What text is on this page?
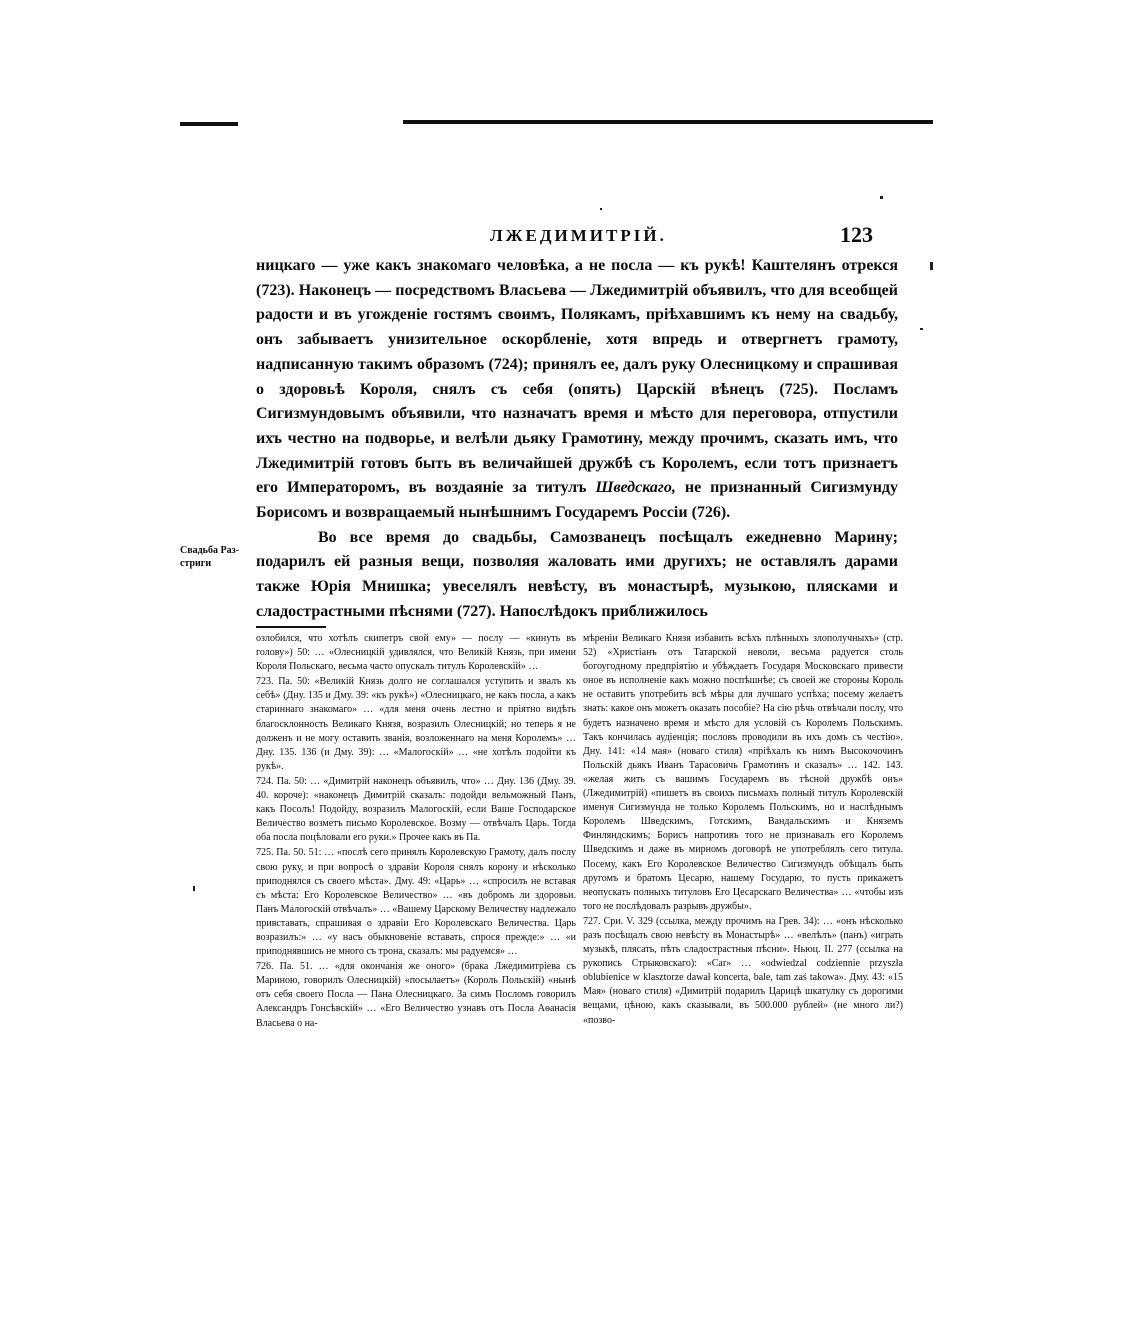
ЛЖЕДИМИТРІЙ.	123

ницкаго — уже какъ знакомаго человѣка, а не посла — къ рукѣ! Каштелянъ отрекся (723). Наконецъ — посредствомъ Власьева — Лжедимитрій объявилъ, что для всеобщей радости и въ угожденіе гостямъ своимъ, Полякамъ, пріѣхавшимъ къ нему на свадьбу, онъ забываетъ унизительное оскорбленіе, хотя впредь и отвергнетъ грамоту, надписанную такимъ образомъ (724); принялъ ее, далъ руку Олесницкому и спрашивая о здоровьѣ Короля, снялъ съ себя (опять) Царскій вѣнецъ (725). Посламъ Сигизмундовымъ объявили, что назначатъ время и мѣсто для переговора, отпустили ихъ честно на подворье, и велѣли дьяку Грамотину, между прочимъ, сказать имъ, что Лжедимитрій готовъ быть въ величайшей дружбѣ съ Королемъ, если тотъ признаетъ его Императоромъ, въ воздаяніе за титулъ Шведскаго, не признанный Сигизмунду Борисомъ и возвращаемый нынѣшнимъ Государемъ Россіи (726).

Во все время до свадьбы, Самозванецъ посѣщалъ ежедневно Марину; подарилъ ей разныя вещи, позволяя жаловать ими другихъ; не оставлялъ дарами также Юрія Мнишка; увеселялъ невѣсту, въ монастырѣ, музыкою, плясками и сладострастными пѣснями (727). Напослѣдокъ приближилось

Свадьба Раз-стриги

озлобился, что хотѣлъ скипетръ свой ему» — послу — «кинуть въ голову») 50: … «Олесницкій удивлялся, что Великій Князь, при имени Короля Польскаго, весьма часто опускалъ титулъ Королевскій» …

723. Па. 50: «Великій Князь долго не соглашался уступить и звалъ къ себѣ» (Дну. 135 и Дму. 39: «къ рукѣ») «Олесницкаго, не какъ посла, а какъ стариннаго знакомаго» … «для меня очень лестно и пріятно видѣть благосклонность Великаго Князя, возразилъ Олесницкій; но теперь я не долженъ и не могу оставить званія, возложеннаго на меня Королемъ» … Дну. 135. 136 (и Дму. 39): … «Малогоскій» … «не хотѣлъ подойти къ рукѣ».

724. Па. 50: … «Димитрій наконецъ объявилъ, что» … Дну. 136 (Дму. 39. 40. короче): «наконецъ Димитрій сказалъ: подойди вельможный Панъ, какъ Посолъ! Подойду, возразилъ Малогоскій, если Ваше Господарское Величество возметъ письмо Королевское. Возму — отвѣчалъ Царь. Тогда оба посла поцѣловали его руки.» Прочее какъ въ Па.

725. Па. 50. 51: … «послѣ сего принялъ Королевскую Грамоту, далъ послу свою руку, и при вопросѣ о здравіи Короля снялъ корону и нѣсколько приподнялся съ своего мѣста». Дму. 49: «Царь» … «спросилъ не вставая съ мѣста: Его Королевское Величество» … «въ добромъ ли здоровьи. Панъ Малогоскій отвѣчалъ» … «Вашему Царскому Величеству надлежало привставать, спрашивая о здравіи Его Королевскаго Величества. Царь возразилъ:» … «у насъ обыкновеніе вставать, спрося прежде:» … «и приподнявшись не много съ трона, сказалъ: мы радуемся» …

726. Па. 51. … «для окончанія же оного» (брака Лжедимитріева съ Мариною, говорилъ Олесницкій) «посылаетъ» (Король Польскій) «нынѣ отъ себя своего Посла — Пана Олесницкаго. За симъ Посломъ говорилъ Александръ Гонсѣвскій» … «Его Величество узнавъ отъ Посла Аѳанасія Власьева о на-

мѣреніи Великаго Князя избавить всѣхъ плѣнныхъ злополучныхъ» (стр. 52) «Христіанъ отъ Татарской неволи, весьма радуется столь богоугодному предпріятію и убѣждаетъ Государя Московскаго привести оное въ исполненіе какъ можно поспѣшнѣе; съ своей же стороны Король не оставитъ употребить всѣ мѣры для лучшаго успѣха; посему желаетъ знать: какое онъ можетъ оказать пособіе? На сію рѣчь отвѣчали послу, что будетъ назначено время и мѣсто для условій съ Королемъ Польскимъ. Такъ кончилась аудіенція; пословъ проводили въ ихъ домъ съ честію». Дну. 141: «14 мая» (новаго стиля) «пріѣхалъ къ нимъ Высокочочинъ Польскій дьякъ Иванъ Тарасовичь Грамотинъ и сказалъ» … 142. 143. «желая жить съ вашимъ Государемъ въ тѣсной дружбѣ онъ» (Лжедимитрій) «пишетъ въ своихъ письмахъ полный титулъ Королевскій именуя Сигизмунда не только Королемъ Польскимъ, но и наслѣднымъ Королемъ Шведскимъ, Готскимъ, Вандальскимъ и Княземъ Финляндскимъ; Борисъ напротивъ того не признавалъ его Королемъ Шведскимъ и даже въ мирномъ договорѣ не употреблялъ сего титула. Посему, какъ Его Королевское Величество Сигизмундъ обѣщалъ быть другомъ и братомъ Цесарю, нашему Государю, то пусть прикажетъ неопускать полныхъ титуловъ Его Цесарскаго Величества» … «чтобы изъ того не послѣдовалъ разрывъ дружбы».

727. Сри. V. 329 (ссылка, между прочимъ на Грев. 34): … «онъ нѣсколько разъ посѣщалъ свою невѣсту въ Монастырѣ» … «велѣлъ» (панъ) «играть музыкѣ, плясать, пѣть сладострастныя пѣсни». Ньюц. II. 277 (ссылка на рукопись Стрыковскаго): «Car» … «odwiedzal codziennie przyszła oblubienice w klasztorze dawał koncerta, bale, tam zaś takowa». Дму. 43: «15 Мая» (новаго стиля) «Димитрій подарилъ Царицѣ шкатулку съ дорогими вещами, цѣною, какъ сказывали, въ 500.000 рублей» (не много ли?) «позво-
